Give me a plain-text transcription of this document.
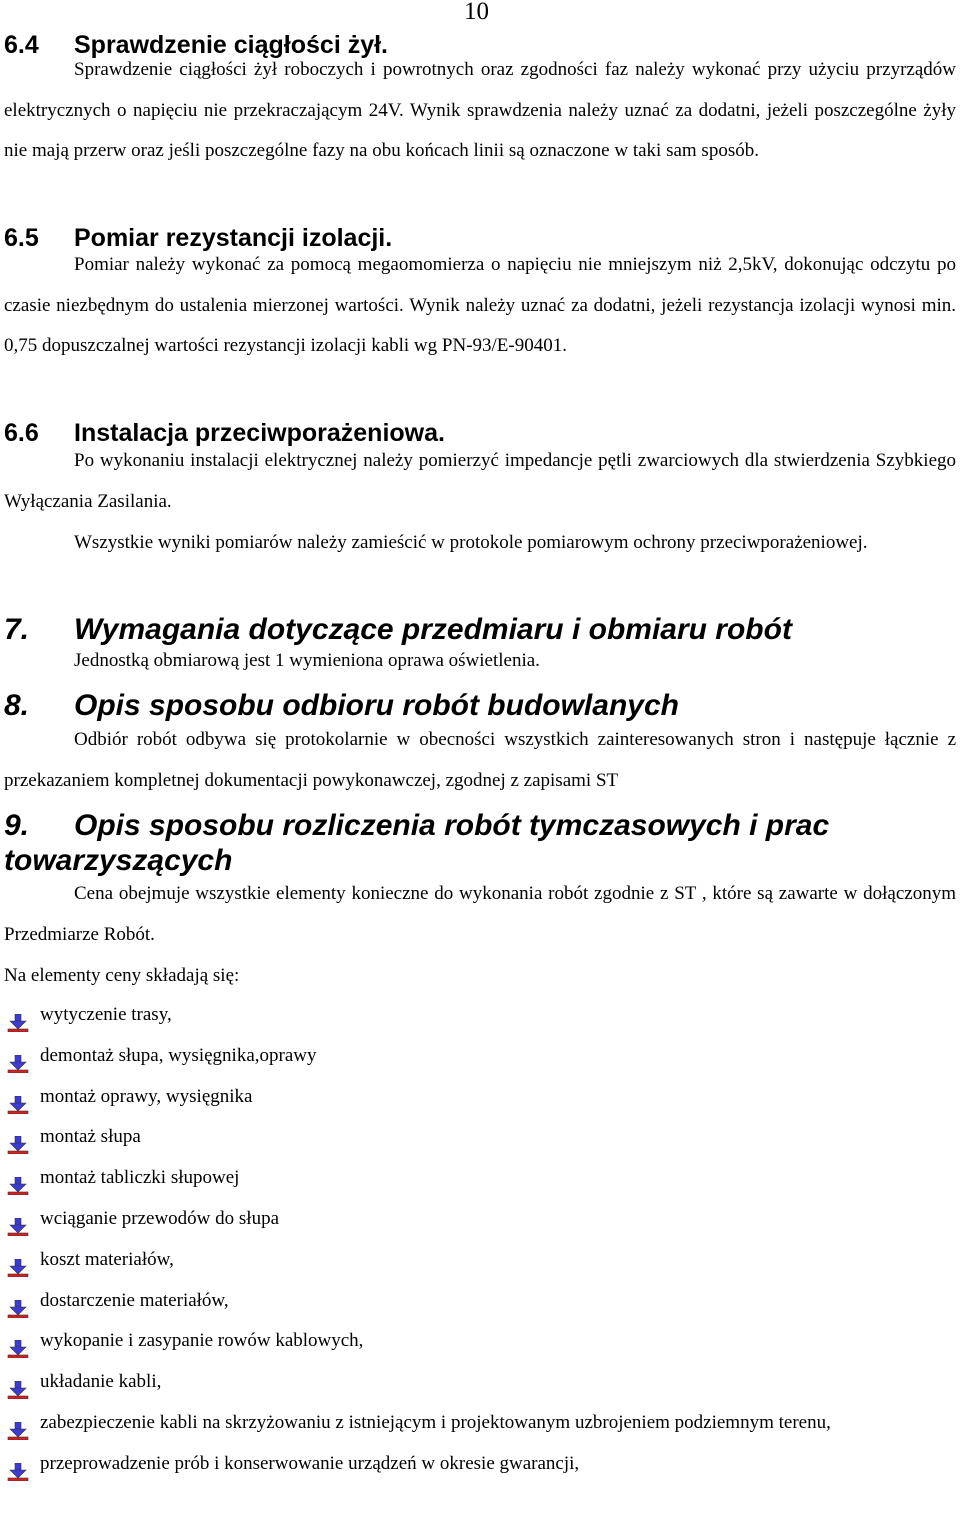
10
6.4 Sprawdzenie ciągłości żył.

Sprawdzenie ciągłości żył roboczych i powrotnych oraz zgodności faz należy wykonać przy użyciu przyrządów elektrycznych o napięciu nie przekraczającym 24V. Wynik sprawdzenia należy uznać za dodatni, jeżeli poszczególne żyły nie mają przerw oraz jeśli poszczególne fazy na obu końcach linii są oznaczone w taki sam sposób.

6.5 Pomiar rezystancji izolacji.

Pomiar należy wykonać za pomocą megaomomierza o napięciu nie mniejszym niż 2,5kV, dokonując odczytu po czasie niezbędnym do ustalenia mierzonej wartości. Wynik należy uznać za dodatni, jeżeli rezystancja izolacji wynosi min. 0,75 dopuszczalnej wartości rezystancji izolacji kabli wg PN-93/E-90401.

6.6 Instalacja przeciwporażeniowa.

Po wykonaniu instalacji elektrycznej należy pomierzyć impedancje pętli zwarciowych dla stwierdzenia Szybkiego Wyłączania Zasilania.

Wszystkie wyniki pomiarów należy zamieścić w protokole pomiarowym ochrony przeciwporażeniowej.

7. Wymagania dotyczące przedmiaru i obmiaru robót

Jednostką obmiarową jest 1 wymieniona oprawa oświetlenia.

8. Opis sposobu odbioru robót budowlanych

Odbiór robót odbywa się protokolarnie w obecności wszystkich zainteresowanych stron i następuje łącznie z przekazaniem kompletnej dokumentacji powykonawczej, zgodnej z zapisami ST

9. Opis sposobu rozliczenia robót tymczasowych i prac
towarzyszących

Cena obejmuje wszystkie elementy konieczne do wykonania robót zgodnie z ST , które są zawarte w dołączonym Przedmiarze Robót.

Na elementy ceny składają się:

wytyczenie trasy,
demontaż słupa, wysięgnika,oprawy
montaż oprawy, wysięgnika
montaż słupa
montaż tabliczki słupowej
wciąganie przewodów do słupa
koszt materiałów,
dostarczenie materiałów,
wykopanie i zasypanie rowów kablowych,
układanie kabli,
zabezpieczenie kabli na skrzyżowaniu z istniejącym i projektowanym uzbrojeniem podziemnym terenu,
przeprowadzenie prób i konserwowanie urządzeń w okresie gwarancji,
